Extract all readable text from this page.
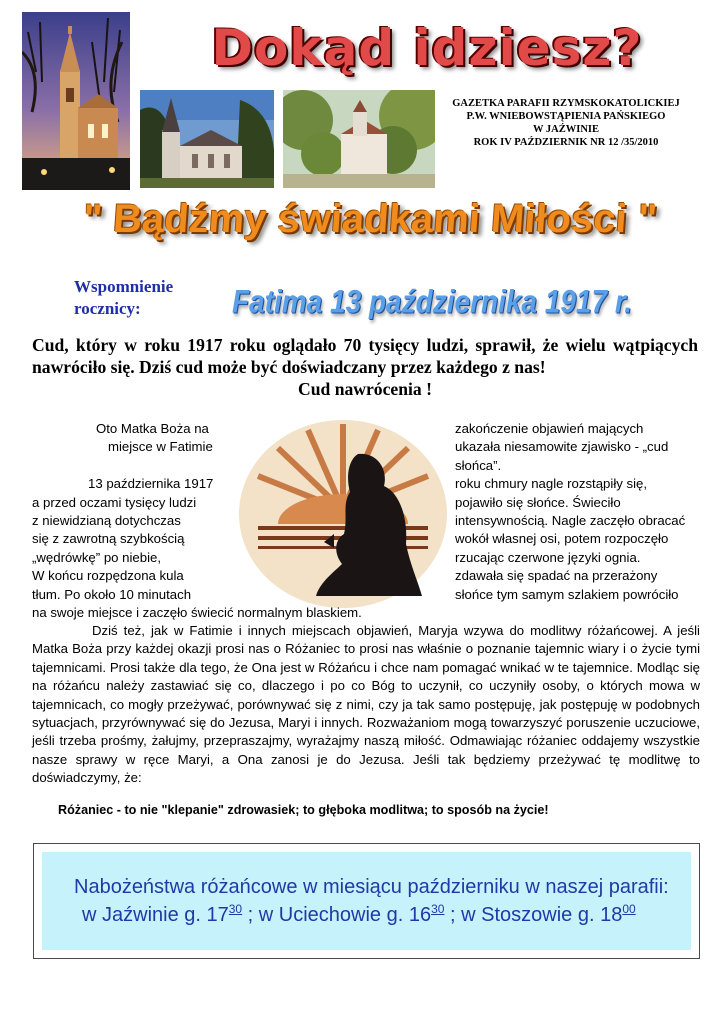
Dokąd idziesz?
GAZETKA PARAFII RZYMSKOKATOLICKIEJ
P.W. WNIEBOWSTĄPIENIA PAŃSKIEGO
W JAŹWINIE
ROK IV PAŹDZIERNIK NR 12 /35/2010
" Bądźmy świadkami Miłości "
Wspomnienie
rocznicy:	Fatima 13 października 1917 r.
Cud, który w roku 1917 roku oglądało 70 tysięcy ludzi, sprawił, że wielu wątpiących nawróciło się. Dziś cud może być doświadczany przez każdego z nas!
Cud nawrócenia !
Oto Matka Boża na
miejsce w Fatimie

13 października 1917
a przed oczami tysięcy ludzi
z niewidzianą dotychczas
się z zawrotną szybkością
„wędrówkę” po niebie,
W końcu rozpędzona kula
tłum. Po około 10 minutach
zakończenie objawień mających
ukazała niesamowite zjawisko - „cud
słońca”.
roku chmury nagle rozstąpiły się,
pojawiło się słońce. Świeciło
intensywnością. Nagle zaczęło obracać
wokół własnej osi, potem rozpoczęło
rzucając czerwone języki ognia.
zdawała się spadać na przerażony
słońce tym samym szlakiem powróciło
na swoje miejsce i zaczęło świecić normalnym blaskiem.
Dziś też, jak w Fatimie i innych miejscach objawień, Maryja wzywa do modlitwy różańcowej. A jeśli Matka Boża przy każdej okazji prosi nas o Różaniec to prosi nas właśnie o poznanie tajemnic wiary i o życie tymi tajemnicami. Prosi także dla tego, że Ona jest w Różańcu i chce nam pomagać wnikać w te tajemnice. Modląc się na różańcu należy zastawiać się co, dlaczego i po co Bóg to uczynił, co uczyniły osoby, o których mowa w tajemnicach, co mogły przeżywać, porównywać się z nimi, czy ja tak samo postępuję, jak postępuję w podobnych sytuacjach, przyrównywać się do Jezusa, Maryi i innych. Rozważaniom mogą towarzyszyć poruszenie uczuciowe, jeśli trzeba prośmy, żałujmy, przepraszajmy, wyrażajmy naszą miłość. Odmawiając różaniec oddajemy wszystkie nasze sprawy w ręce Maryi, a Ona zanosi je do Jezusa. Jeśli tak będziemy przeżywać tę modlitwę to doświadczymy, że:
Różaniec - to nie "klepanie" zdrowasiek; to głęboka modlitwa; to sposób na życie!
Nabożeństwa różańcowe w miesiącu październiku w naszej parafii:
w Jaźwinie g. $17^{30}$ ; w Uciechowie g. $16^{30}$ ; w Stoszowie g. $18^{00}$
